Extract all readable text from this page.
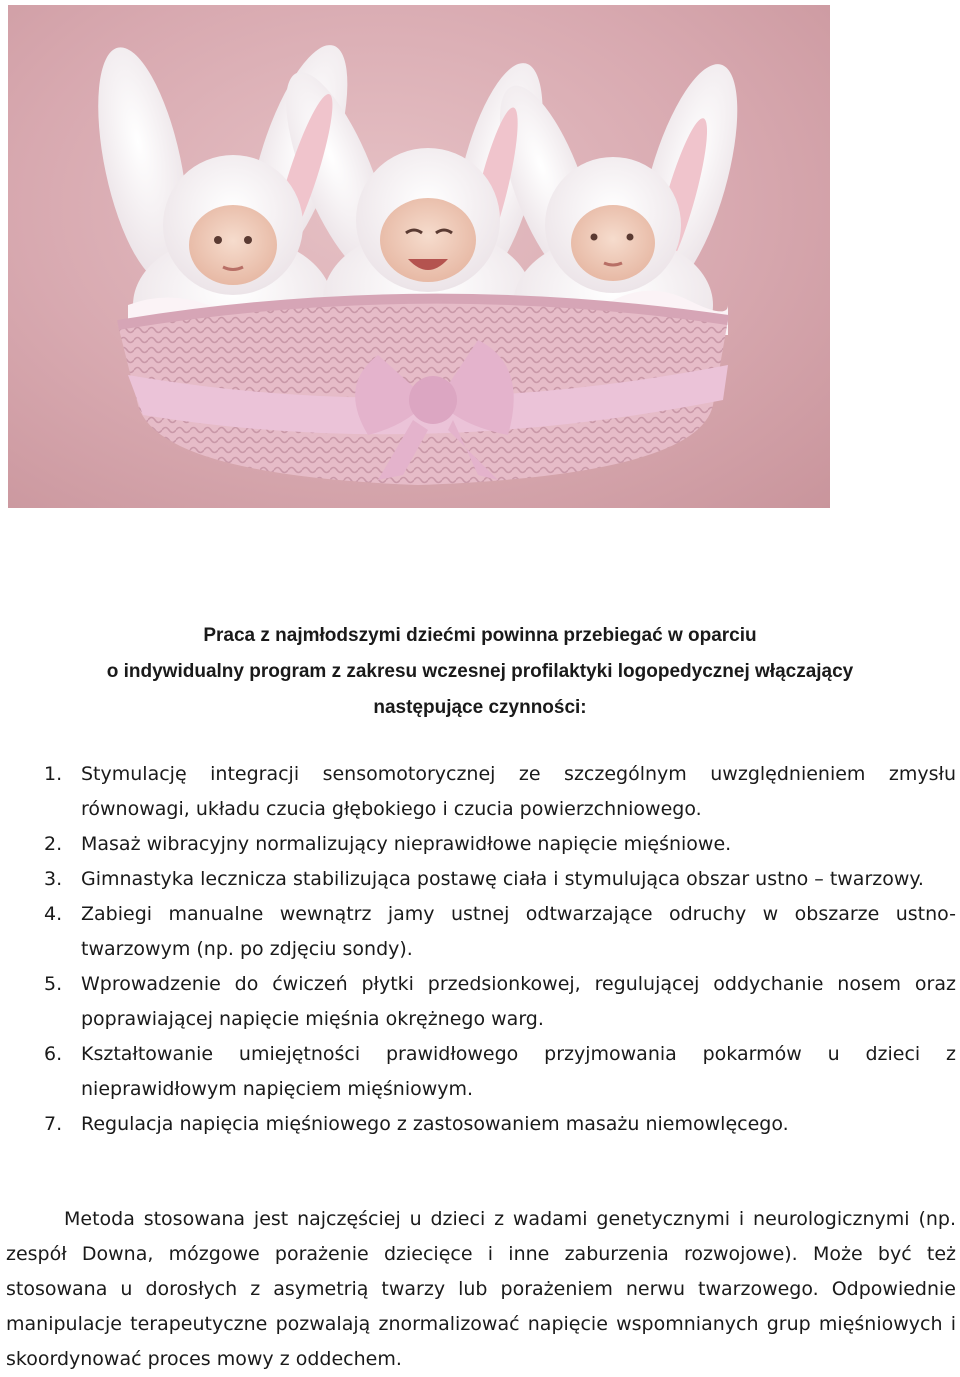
Praca z najmłodszymi dziećmi powinna przebiegać w oparciu
o indywidualny program z zakresu wczesnej profilaktyki logopedycznej włączający
następujące czynności:
1. Stymulację integracji sensomotorycznej ze szczególnym uwzględnieniem zmysłu równowagi, układu czucia głębokiego i czucia powierzchniowego.
2. Masaż wibracyjny normalizujący nieprawidłowe napięcie mięśniowe.
3. Gimnastyka lecznicza stabilizująca postawę ciała i stymulująca obszar ustno – twarzowy.
4. Zabiegi manualne wewnątrz jamy ustnej odtwarzające odruchy w obszarze ustno-twarzowym (np. po zdjęciu sondy).
5. Wprowadzenie do ćwiczeń płytki przedsionkowej, regulującej oddychanie nosem oraz poprawiającej napięcie mięśnia okrężnego warg.
6. Kształtowanie umiejętności prawidłowego przyjmowania pokarmów u dzieci z nieprawidłowym napięciem mięśniowym.
7. Regulacja napięcia mięśniowego z zastosowaniem masażu niemowlęcego.

Metoda stosowana jest najczęściej u dzieci z wadami genetycznymi i neurologicznymi (np. zespół Downa, mózgowe porażenie dziecięce i inne zaburzenia rozwojowe). Może być też stosowana u dorosłych z asymetrią twarzy lub porażeniem nerwu twarzowego. Odpowiednie manipulacje terapeutyczne pozwalają znormalizować napięcie wspomnianych grup mięśniowych i skoordynować proces mowy z oddechem.
